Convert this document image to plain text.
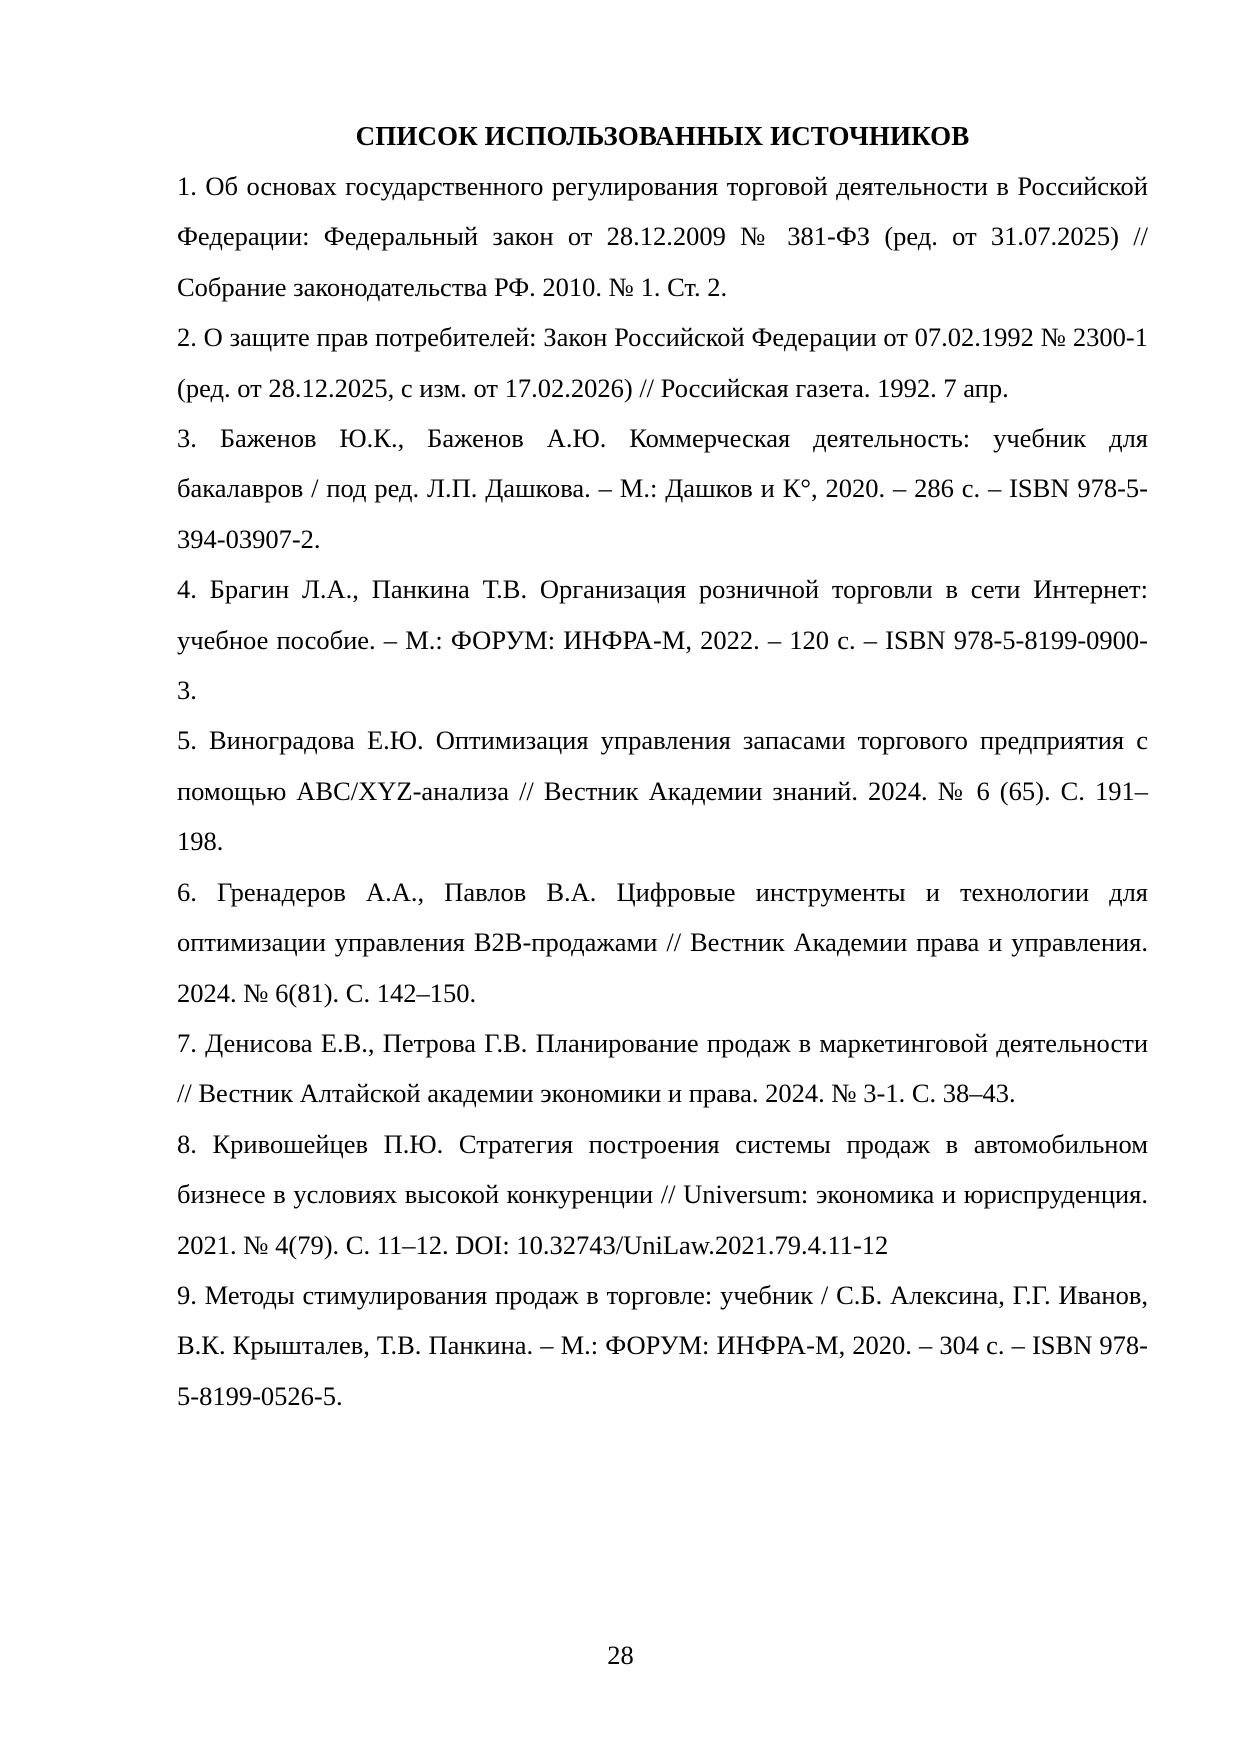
СПИСОК ИСПОЛЬЗОВАННЫХ ИСТОЧНИКОВ
1. Об основах государственного регулирования торговой деятельности в Российской Федерации: Федеральный закон от 28.12.2009 № 381-ФЗ (ред. от 31.07.2025) // Собрание законодательства РФ. 2010. № 1. Ст. 2.
2. О защите прав потребителей: Закон Российской Федерации от 07.02.1992 № 2300-1 (ред. от 28.12.2025, с изм. от 17.02.2026) // Российская газета. 1992. 7 апр.
3. Баженов Ю.К., Баженов А.Ю. Коммерческая деятельность: учебник для бакалавров / под ред. Л.П. Дашкова. – М.: Дашков и К°, 2020. – 286 с. – ISBN 978-5-394-03907-2.
4. Брагин Л.А., Панкина Т.В. Организация розничной торговли в сети Интернет: учебное пособие. – М.: ФОРУМ: ИНФРА-М, 2022. – 120 с. – ISBN 978-5-8199-0900-3.
5. Виноградова Е.Ю. Оптимизация управления запасами торгового предприятия с помощью ABC/XYZ-анализа // Вестник Академии знаний. 2024. № 6 (65). С. 191–198.
6. Гренадеров А.А., Павлов В.А. Цифровые инструменты и технологии для оптимизации управления B2B-продажами // Вестник Академии права и управления. 2024. № 6(81). С. 142–150.
7. Денисова Е.В., Петрова Г.В. Планирование продаж в маркетинговой деятельности // Вестник Алтайской академии экономики и права. 2024. № 3-1. С. 38–43.
8. Кривошейцев П.Ю. Стратегия построения системы продаж в автомобильном бизнесе в условиях высокой конкуренции // Universum: экономика и юриспруденция. 2021. № 4(79). С. 11–12. DOI: 10.32743/UniLaw.2021.79.4.11-12
9. Методы стимулирования продаж в торговле: учебник / С.Б. Алексина, Г.Г. Иванов, В.К. Крышталев, Т.В. Панкина. – М.: ФОРУМ: ИНФРА-М, 2020. – 304 с. – ISBN 978-5-8199-0526-5.
28
